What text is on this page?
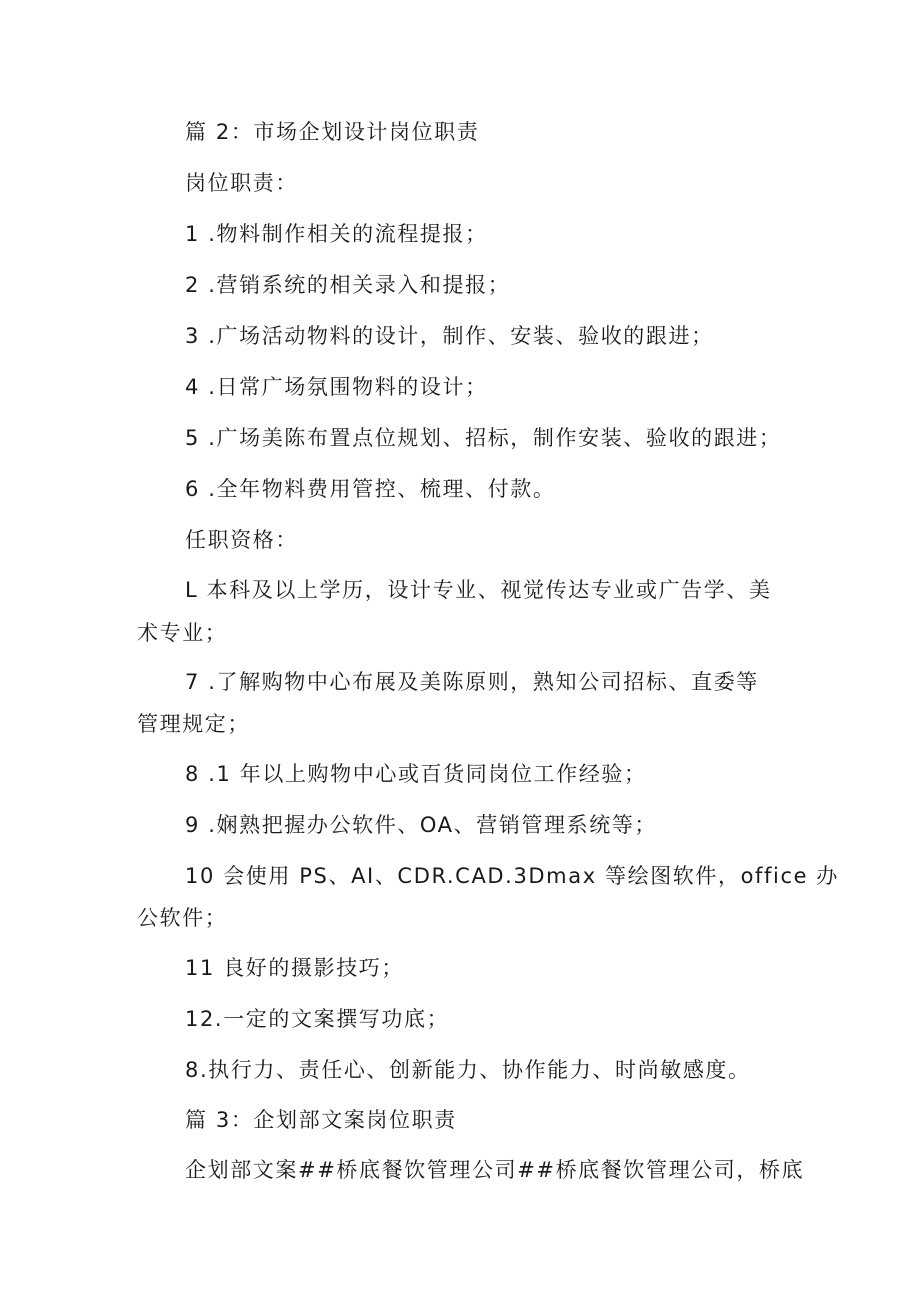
篇 2：市场企划设计岗位职责
岗位职责：
1 .物料制作相关的流程提报；
2 .营销系统的相关录入和提报；
3 .广场活动物料的设计，制作、安装、验收的跟进；
4 .日常广场氛围物料的设计；
5 .广场美陈布置点位规划、招标，制作安装、验收的跟进；
6 .全年物料费用管控、梳理、付款。
任职资格：
L 本科及以上学历，设计专业、视觉传达专业或广告学、美
术专业；
7 .了解购物中心布展及美陈原则，熟知公司招标、直委等
管理规定；
8 .1 年以上购物中心或百货同岗位工作经验；
9 .娴熟把握办公软件、OA、营销管理系统等；
10 会使用 PS、AI、CDR.CAD.3Dmax 等绘图软件，office 办
公软件；
11 良好的摄影技巧；
12.一定的文案撰写功底；
8.执行力、责任心、创新能力、协作能力、时尚敏感度。
篇 3：企划部文案岗位职责
企划部文案##桥底餐饮管理公司##桥底餐饮管理公司，桥底
